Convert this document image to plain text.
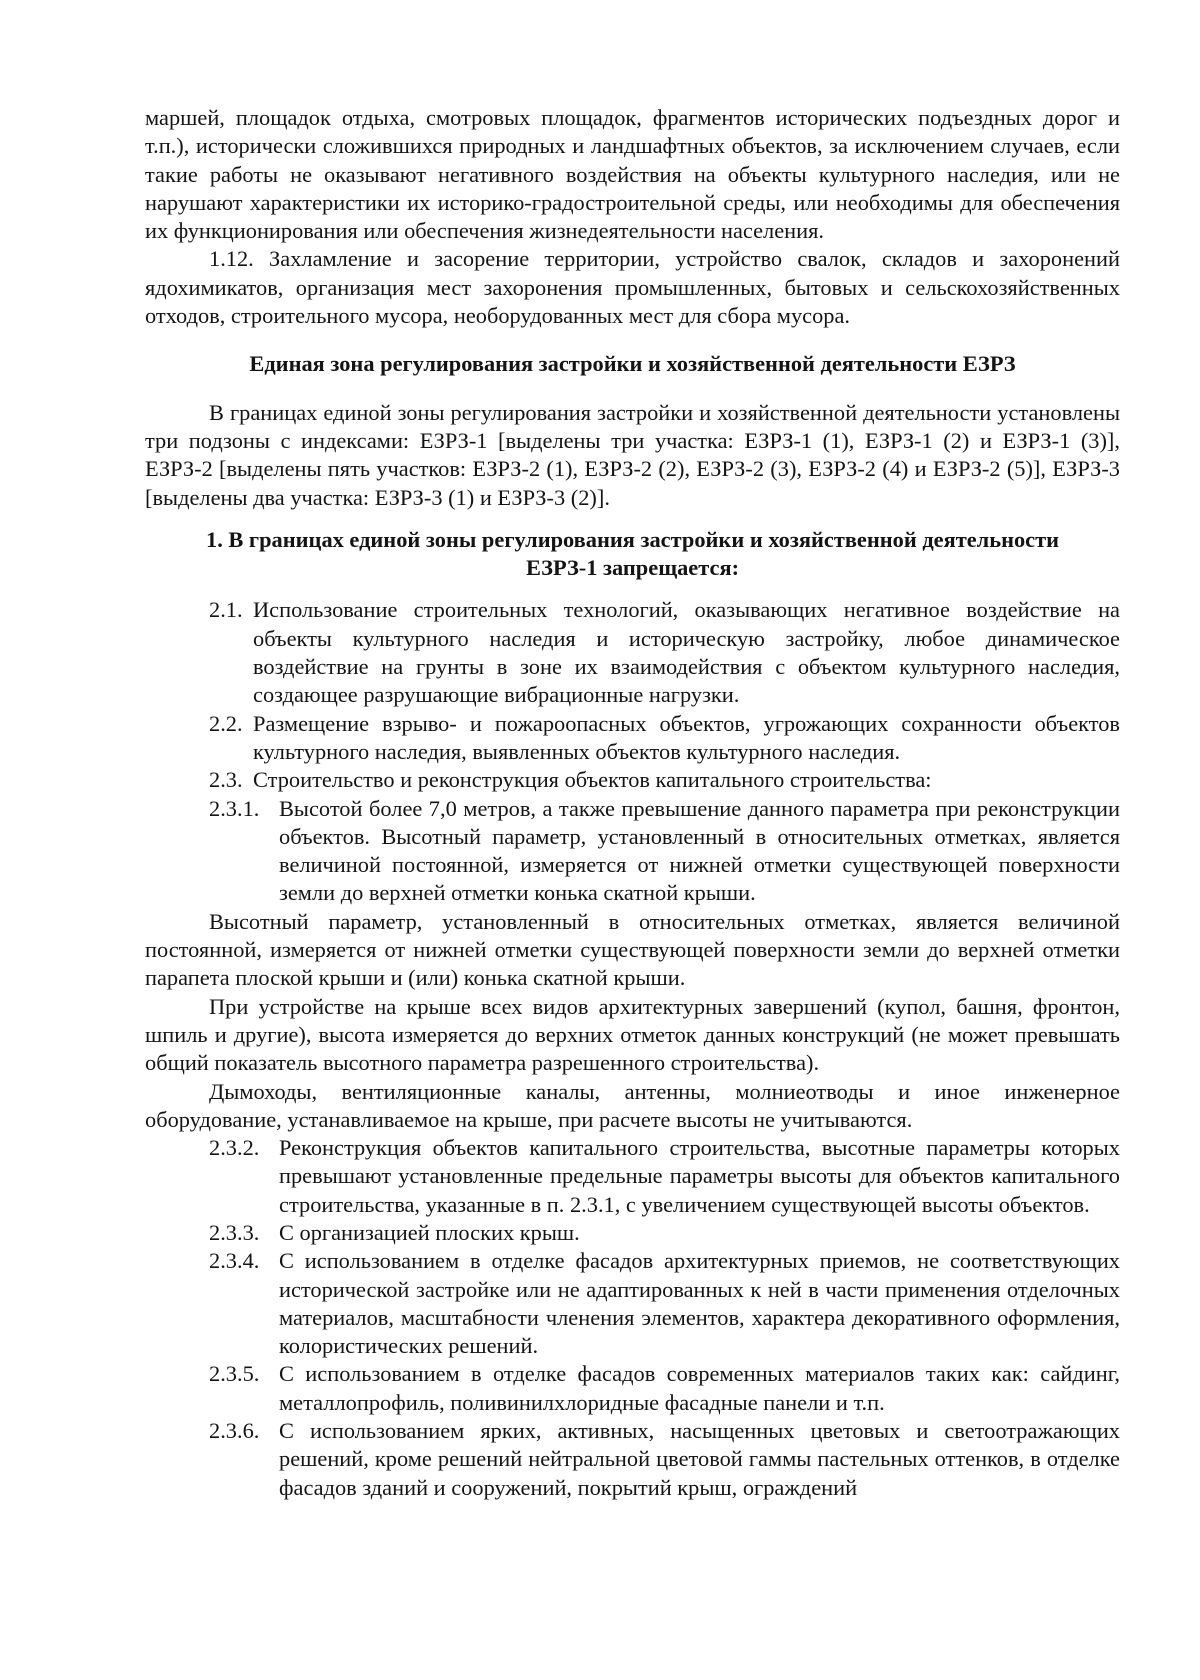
маршей, площадок отдыха, смотровых площадок, фрагментов исторических подъездных дорог и т.п.), исторически сложившихся природных и ландшафтных объектов, за исключением случаев, если такие работы не оказывают негативного воздействия на объекты культурного наследия, или не нарушают характеристики их историко-градостроительной среды, или необходимы для обеспечения их функционирования или обеспечения жизнедеятельности населения.

1.12. Захламление и засорение территории, устройство свалок, складов и захоронений ядохимикатов, организация мест захоронения промышленных, бытовых и сельскохозяйственных отходов, строительного мусора, необорудованных мест для сбора мусора.

Единая зона регулирования застройки и хозяйственной деятельности ЕЗРЗ

В границах единой зоны регулирования застройки и хозяйственной деятельности установлены три подзоны с индексами: ЕЗРЗ-1 [выделены три участка: ЕЗРЗ-1 (1), ЕЗРЗ-1 (2) и ЕЗРЗ-1 (3)], ЕЗРЗ-2 [выделены пять участков: ЕЗРЗ-2 (1), ЕЗРЗ-2 (2), ЕЗРЗ-2 (3), ЕЗРЗ-2 (4) и ЕЗРЗ-2 (5)], ЕЗРЗ-3 [выделены два участка: ЕЗРЗ-3 (1) и ЕЗРЗ-3 (2)].

1. В границах единой зоны регулирования застройки и хозяйственной деятельности
ЕЗРЗ-1 запрещается:
2.1. Использование строительных технологий, оказывающих негативное воздействие на объекты культурного наследия и историческую застройку, любое динамическое воздействие на грунты в зоне их взаимодействия с объектом культурного наследия, создающее разрушающие вибрационные нагрузки.
2.2. Размещение взрыво- и пожароопасных объектов, угрожающих сохранности объектов культурного наследия, выявленных объектов культурного наследия.
2.3. Строительство и реконструкция объектов капитального строительства:
2.3.1. Высотой более 7,0 метров, а также превышение данного параметра при реконструкции объектов. Высотный параметр, установленный в относительных отметках, является величиной постоянной, измеряется от нижней отметки существующей поверхности земли до верхней отметки конька скатной крыши.

Высотный параметр, установленный в относительных отметках, является величиной постоянной, измеряется от нижней отметки существующей поверхности земли до верхней отметки парапета плоской крыши и (или) конька скатной крыши.

При устройстве на крыше всех видов архитектурных завершений (купол, башня, фронтон, шпиль и другие), высота измеряется до верхних отметок данных конструкций (не может превышать общий показатель высотного параметра разрешенного строительства).

Дымоходы, вентиляционные каналы, антенны, молниеотводы и иное инженерное оборудование, устанавливаемое на крыше, при расчете высоты не учитываются.

2.3.2. Реконструкция объектов капитального строительства, высотные параметры которых превышают установленные предельные параметры высоты для объектов капитального строительства, указанные в п. 2.3.1, с увеличением существующей высоты объектов.
2.3.3. С организацией плоских крыш.
2.3.4. С использованием в отделке фасадов архитектурных приемов, не соответствующих исторической застройке или не адаптированных к ней в части применения отделочных материалов, масштабности членения элементов, характера декоративного оформления, колористических решений.
2.3.5. С использованием в отделке фасадов современных материалов таких как: сайдинг, металлопрофиль, поливинилхлоридные фасадные панели и т.п.
2.3.6. С использованием ярких, активных, насыщенных цветовых и светоотражающих решений, кроме решений нейтральной цветовой гаммы пастельных оттенков, в отделке фасадов зданий и сооружений, покрытий крыш, ограждений
